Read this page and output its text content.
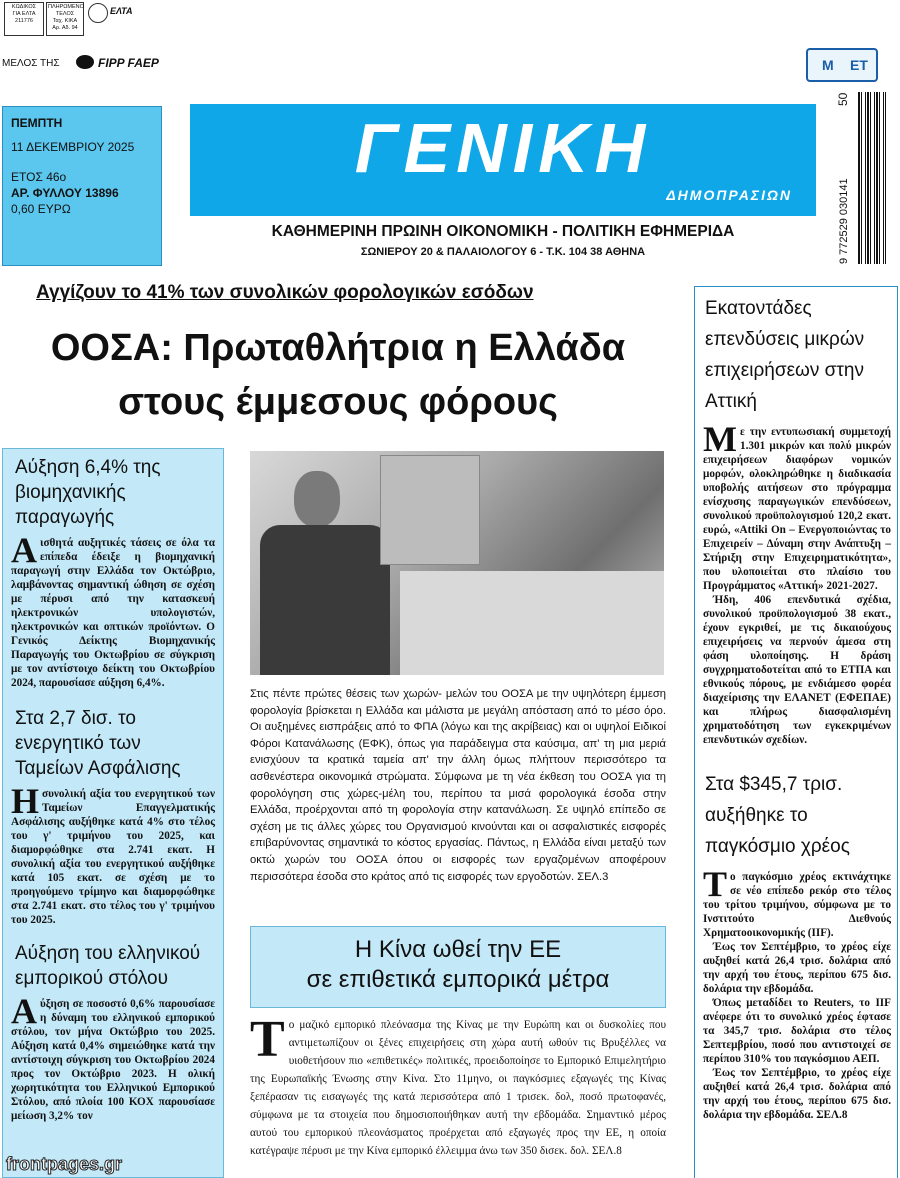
ΚΩΔΙΚΟΣ
ΓΙΑ ΕΛΤΑ
211776
ΠΛΗΡΩΜΕΝΟ
ΤΕΛΟΣ
Ταχ. ΚΙΚΑ
Αρ. Αδ. 94
ΕΛΤΑ
ΜΕΛΟΣ ΤΗΣ	FIPP FAEP	Μ ΕΤ
ΠΕΜΠΤΗ
11 ΔΕΚΕΜΒΡΙΟΥ 2025
ΕΤΟΣ 46ο
ΑΡ. ΦΥΛΛΟΥ 13896
0,60 ΕΥΡΩ
ΓΕΝΙΚΗ
ΔΗΜΟΠΡΑΣΙΩΝ
ΚΑΘΗΜΕΡΙΝΗ ΠΡΩΙΝΗ ΟΙΚΟΝΟΜΙΚΗ - ΠΟΛΙΤΙΚΗ ΕΦΗΜΕΡΙΔΑ
ΣΩΝΙΕΡΟΥ 20 & ΠΑΛΑΙΟΛΟΓΟΥ 6 - Τ.Κ. 104 38 ΑΘΗΝΑ
50
9 772529 030141
Αγγίζουν το 41% των συνολικών φορολογικών εσόδων
ΟΟΣΑ: Πρωταθλήτρια η Ελλάδα
στους έμμεσους φόρους
Στις πέντε πρώτες θέσεις των χωρών- μελών του ΟΟΣΑ με την υψηλότερη έμμεση φορολογία βρίσκεται η Ελλάδα και μάλιστα με μεγάλη απόσταση από το μέσο όρο. Οι αυξημένες εισπράξεις από το ΦΠΑ (λόγω και της ακρίβειας) και οι υψηλοί Ειδικοί Φόροι Κατανάλωσης (ΕΦΚ), όπως για παράδειγμα στα καύσιμα, απ' τη μια μεριά ενισχύουν τα κρατικά ταμεία απ' την άλλη όμως πλήττουν περισσότερο τα ασθενέστερα οικονομικά στρώματα. Σύμφωνα με τη νέα έκθεση του ΟΟΣΑ για τη φορολόγηση στις χώρες-μέλη του, περίπου τα μισά φορολογικά έσοδα στην Ελλάδα, προέρχονται από τη φορολογία στην κατανάλωση. Σε υψηλό επίπεδο σε σχέση με τις άλλες χώρες του Οργανισμού κινούνται και οι ασφαλιστικές εισφορές επιβαρύνοντας σημαντικά το κόστος εργασίας. Πάντως, η Ελλάδα είναι μεταξύ των οκτώ χωρών του ΟΟΣΑ όπου οι εισφορές των εργαζομένων αποφέρουν περισσότερα έσοδα στο κράτος από τις εισφορές των εργοδοτών. ΣΕΛ.3
Αύξηση 6,4% της βιομηχανικής παραγωγής
Αισθητά αυξητικές τάσεις σε όλα τα επίπεδα έδειξε η βιομηχανική παραγωγή στην Ελλάδα τον Οκτώβριο, λαμβάνοντας σημαντική ώθηση σε σχέση με πέρυσι από την κατασκευή ηλεκτρονικών υπολογιστών, ηλεκτρονικών και οπτικών προϊόντων. Ο Γενικός Δείκτης Βιομηχανικής Παραγωγής του Οκτωβρίου σε σύγκριση με τον αντίστοιχο δείκτη του Οκτωβρίου 2024, παρουσίασε αύξηση 6,4%.
Στα 2,7 δισ. το ενεργητικό των Ταμείων Ασφάλισης
Ησυνολική αξία του ενεργητικού των Ταμείων Επαγγελματικής Ασφάλισης αυξήθηκε κατά 4% στο τέλος του γ' τριμήνου του 2025, και διαμορφώθηκε στα 2.741 εκατ. Η συνολική αξία του ενεργητικού αυξήθηκε κατά 105 εκατ. σε σχέση με το προηγούμενο τρίμηνο και διαμορφώθηκε στα 2.741 εκατ. στο τέλος του γ' τριμήνου του 2025.
Αύξηση του ελληνικού εμπορικού στόλου
Αύξηση σε ποσοστό 0,6% παρουσίασε η δύναμη του ελληνικού εμπορικού στόλου, τον μήνα Οκτώβριο του 2025. Αύξηση κατά 0,4% σημειώθηκε κατά την αντίστοιχη σύγκριση του Οκτωβρίου 2024 προς τον Οκτώβριο 2023. Η ολική χωρητικότητα του Ελληνικού Εμπορικού Στόλου, από πλοία 100 ΚΟΧ παρουσίασε μείωση 3,2% τον
Εκατοντάδες επενδύσεις μικρών επιχειρήσεων στην Αττική
Με την εντυπωσιακή συμμετοχή 1.301 μικρών και πολύ μικρών επιχειρήσεων διαφόρων νομικών μορφών, ολοκληρώθηκε η διαδικασία υποβολής αιτήσεων στο πρόγραμμα ενίσχυσης παραγωγικών επενδύσεων, συνολικού προϋπολογισμού 120,2 εκατ. ευρώ, «Attiki On – Ενεργοποιώντας το Επιχειρείν – Δύναμη στην Ανάπτυξη – Στήριξη στην Επιχειρηματικότητα», που υλοποιείται στο πλαίσιο του Προγράμματος «Αττική» 2021-2027.
Ήδη, 406 επενδυτικά σχέδια, συνολικού προϋπολογισμού 38 εκατ., έχουν εγκριθεί, με τις δικαιούχους επιχειρήσεις να περνούν άμεσα στη φάση υλοποίησης. Η δράση συγχρηματοδοτείται από το ΕΤΠΑ και εθνικούς πόρους, με ενδιάμεσο φορέα διαχείρισης την ΕΛΑΝΕΤ (ΕΦΕΠΑΕ) και πλήρως διασφαλισμένη χρηματοδότηση των εγκεκριμένων επενδυτικών σχεδίων.
Στα $345,7 τρισ. αυξήθηκε το παγκόσμιο χρέος
Το παγκόσμιο χρέος εκτινάχτηκε σε νέο επίπεδο ρεκόρ στο τέλος του τρίτου τριμήνου, σύμφωνα με το Ινστιτούτο Διεθνούς Χρηματοοικονομικής (IIF).
Έως τον Σεπτέμβριο, το χρέος είχε αυξηθεί κατά 26,4 τρισ. δολάρια από την αρχή του έτους, περίπου 675 δισ. δολάρια την εβδομάδα.
Όπως μεταδίδει το Reuters, το IIF ανέφερε ότι το συνολικό χρέος έφτασε τα 345,7 τρισ. δολάρια στο τέλος Σεπτεμβρίου, ποσό που αντιστοιχεί σε περίπου 310% του παγκόσμιου ΑΕΠ.
Έως τον Σεπτέμβριο, το χρέος είχε αυξηθεί κατά 26,4 τρισ. δολάρια από την αρχή του έτους, περίπου 675 δισ. δολάρια την εβδομάδα. ΣΕΛ.8
Η Κίνα ωθεί την ΕΕ
σε επιθετικά εμπορικά μέτρα
Το μαζικό εμπορικό πλεόνασμα της Κίνας με την Ευρώπη και οι δυσκολίες που αντιμετωπίζουν οι ξένες επιχειρήσεις στη χώρα αυτή ωθούν τις Βρυξέλλες να υιοθετήσουν πιο «επιθετικές» πολιτικές, προειδοποίησε το Εμπορικό Επιμελητήριο της Ευρωπαϊκής Ένωσης στην Κίνα. Στο 11μηνο, οι παγκόσμιες εξαγωγές της Κίνας ξεπέρασαν τις εισαγωγές της κατά περισσότερα από 1 τρισεκ. δολ, ποσό πρωτοφανές, σύμφωνα με τα στοιχεία που δημοσιοποιήθηκαν αυτή την εβδομάδα. Σημαντικό μέρος αυτού του εμπορικού πλεονάσματος προέρχεται από εξαγωγές προς την ΕΕ, η οποία κατέγραψε πέρυσι με την Κίνα εμπορικό έλλειμμα άνω των 350 δισεκ. δολ. ΣΕΛ.8
frontpages.gr
